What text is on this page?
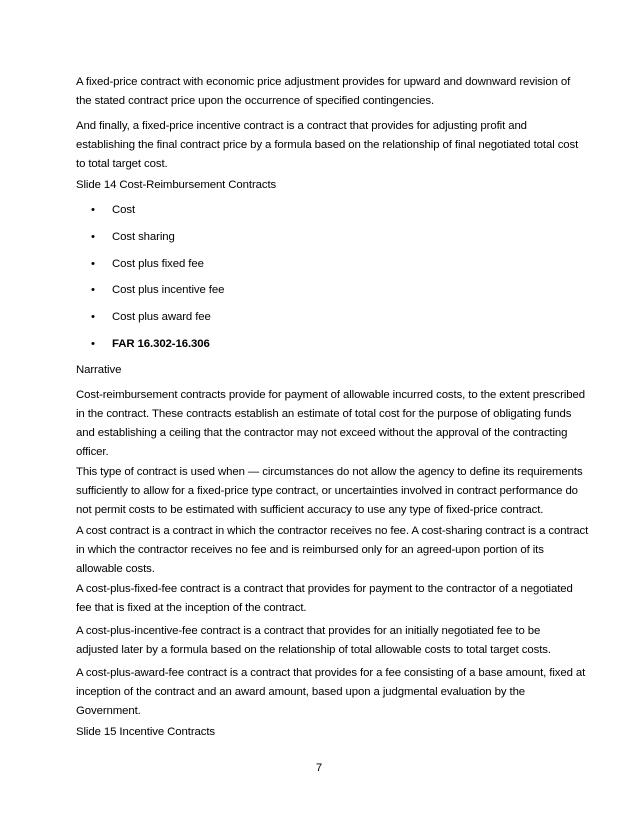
A fixed-price contract with economic price adjustment provides for upward and downward revision of
the stated contract price upon the occurrence of specified contingencies.

And finally, a fixed-price incentive contract is a contract that provides for adjusting profit and
establishing the final contract price by a formula based on the relationship of final negotiated total cost
to total target cost.

Slide 14 Cost-Reimbursement Contracts

• Cost
• Cost sharing
• Cost plus fixed fee
• Cost plus incentive fee
• Cost plus award fee
• FAR 16.302-16.306

Narrative

Cost-reimbursement contracts provide for payment of allowable incurred costs, to the extent prescribed
in the contract. These contracts establish an estimate of total cost for the purpose of obligating funds
and establishing a ceiling that the contractor may not exceed without the approval of the contracting
officer.

This type of contract is used when — circumstances do not allow the agency to define its requirements
sufficiently to allow for a fixed-price type contract, or uncertainties involved in contract performance do
not permit costs to be estimated with sufficient accuracy to use any type of fixed-price contract.

A cost contract is a contract in which the contractor receives no fee. A cost-sharing contract is a contract
in which the contractor receives no fee and is reimbursed only for an agreed-upon portion of its
allowable costs.

A cost-plus-fixed-fee contract is a contract that provides for payment to the contractor of a negotiated
fee that is fixed at the inception of the contract.

A cost-plus-incentive-fee contract is a contract that provides for an initially negotiated fee to be
adjusted later by a formula based on the relationship of total allowable costs to total target costs.

A cost-plus-award-fee contract is a contract that provides for a fee consisting of a base amount, fixed at
inception of the contract and an award amount, based upon a judgmental evaluation by the
Government.

Slide 15 Incentive Contracts

7
